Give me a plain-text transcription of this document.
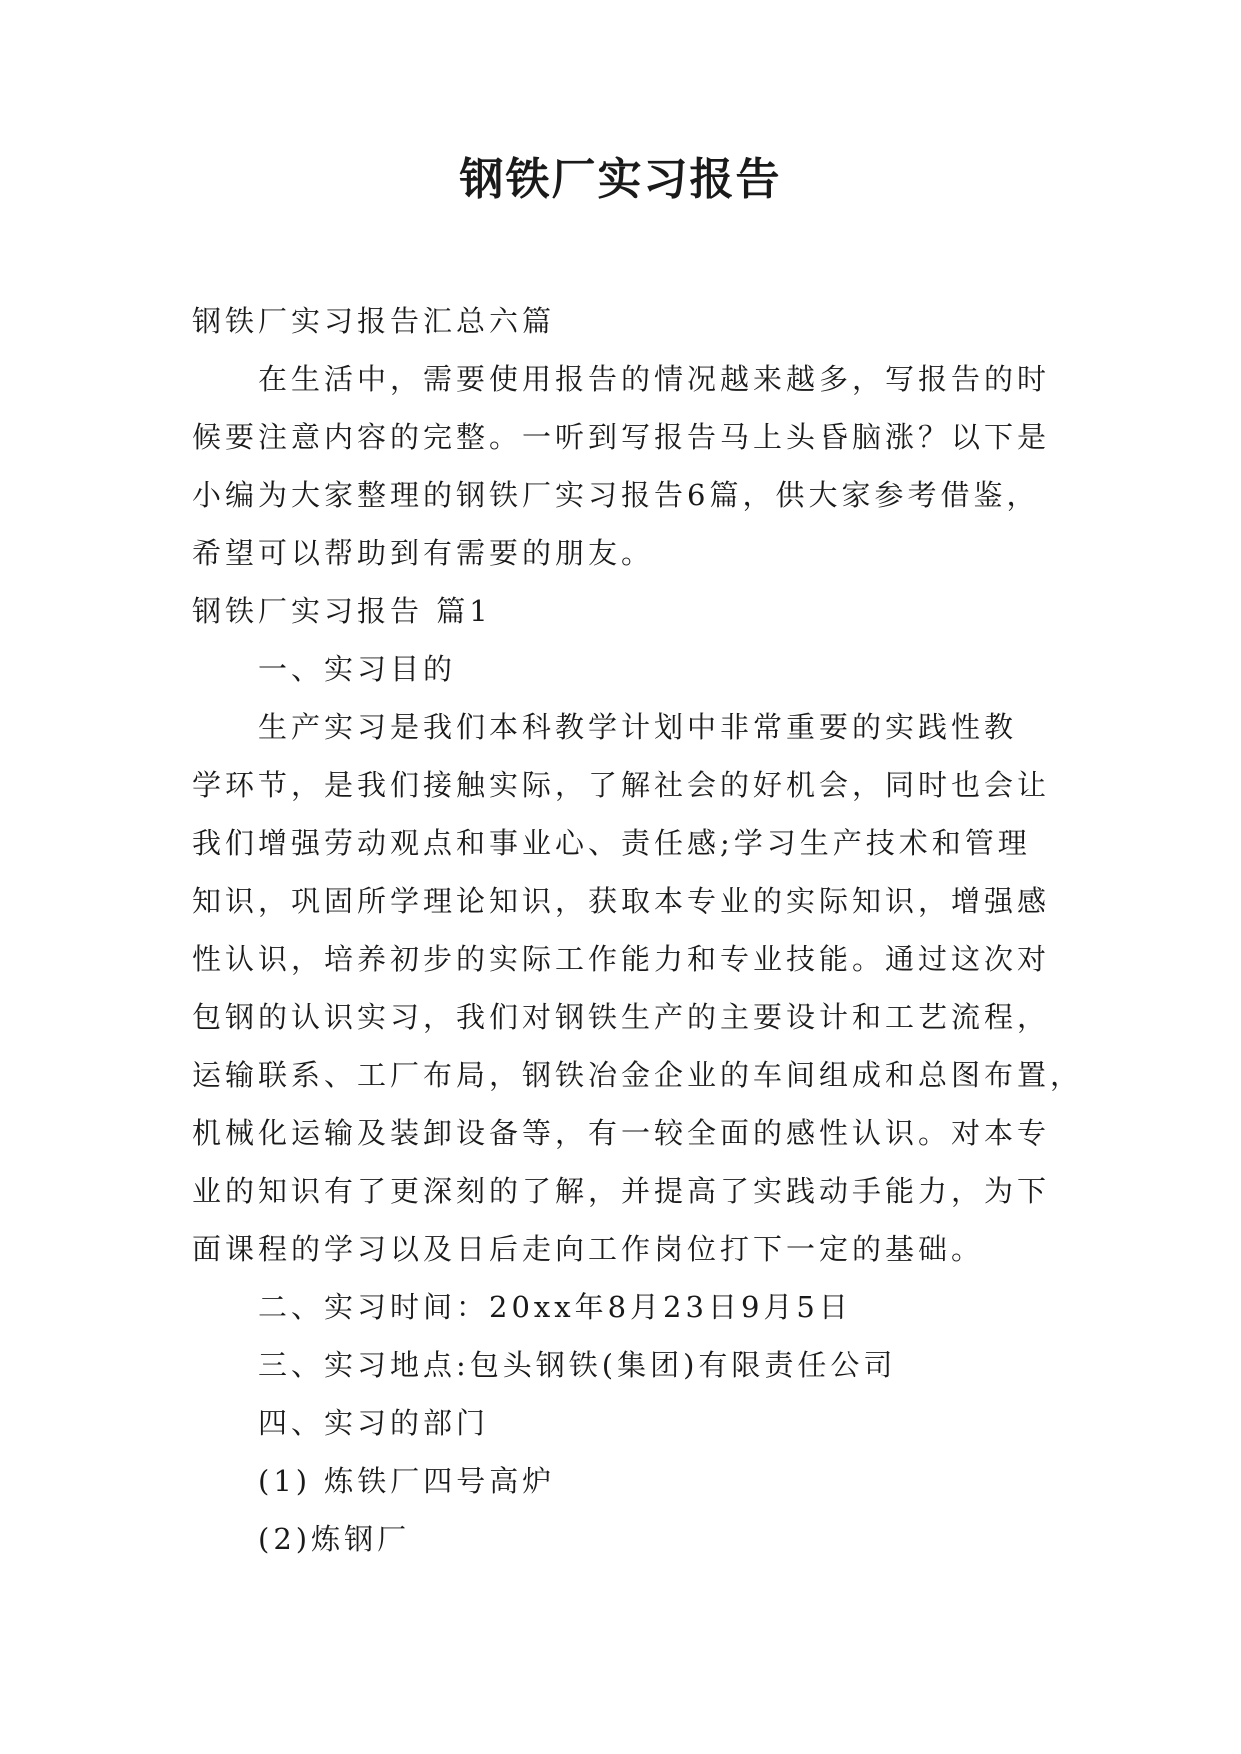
钢铁厂实习报告
钢铁厂实习报告汇总六篇
在生活中，需要使用报告的情况越来越多，写报告的时
候要注意内容的完整。一听到写报告马上头昏脑涨？以下是
小编为大家整理的钢铁厂实习报告6篇，供大家参考借鉴，
希望可以帮助到有需要的朋友。
钢铁厂实习报告 篇1
一、实习目的
生产实习是我们本科教学计划中非常重要的实践性教
学环节，是我们接触实际，了解社会的好机会，同时也会让
我们增强劳动观点和事业心、责任感;学习生产技术和管理
知识，巩固所学理论知识，获取本专业的实际知识，增强感
性认识，培养初步的实际工作能力和专业技能。通过这次对
包钢的认识实习，我们对钢铁生产的主要设计和工艺流程，
运输联系、工厂布局，钢铁冶金企业的车间组成和总图布置，
机械化运输及装卸设备等，有一较全面的感性认识。对本专
业的知识有了更深刻的了解，并提高了实践动手能力，为下
面课程的学习以及日后走向工作岗位打下一定的基础。
二、实习时间：20xx年8月23日9月5日
三、实习地点:包头钢铁(集团)有限责任公司
四、实习的部门
(1) 炼铁厂四号高炉
(2)炼钢厂
